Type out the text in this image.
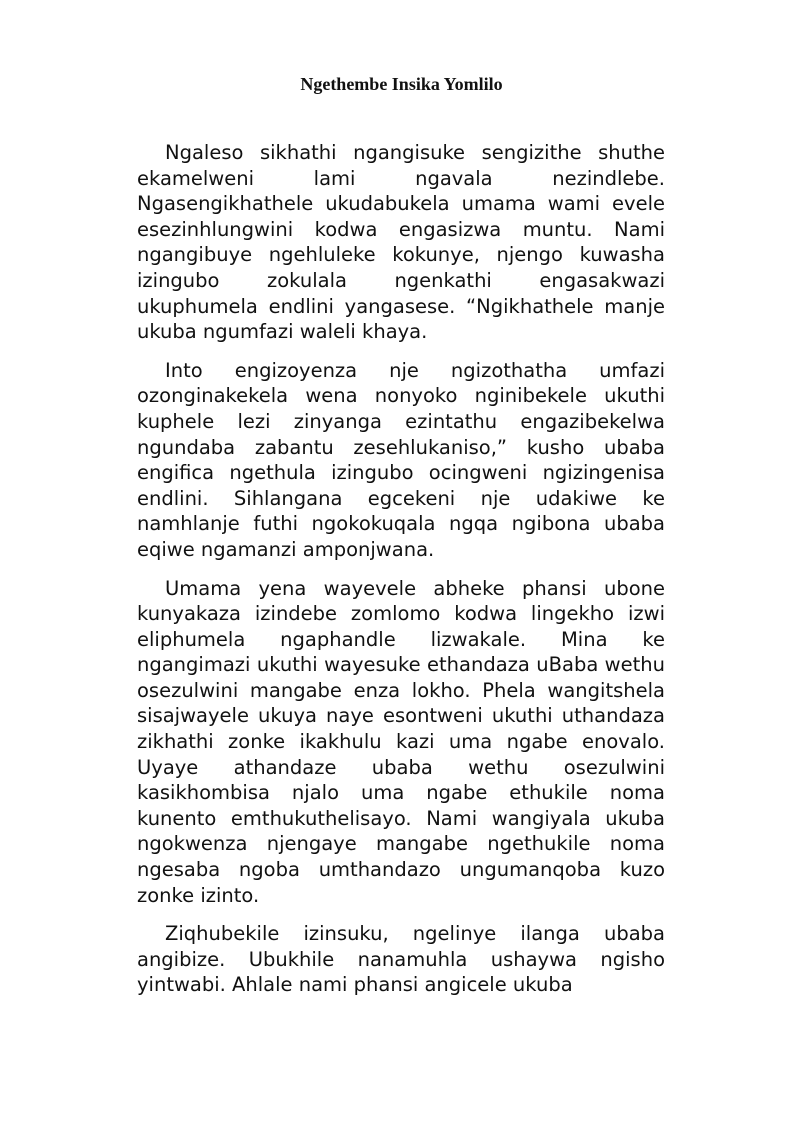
Ngethembe Insika Yomlilo

Ngaleso sikhathi ngangisuke sengizithe shuthe ekamelweni lami ngavala nezindlebe. Ngasengikhathele ukudabukela umama wami evele esezinhlungwini kodwa engasizwa muntu. Nami ngangibuye ngehluleke kokunye, njengo kuwasha izingubo zokulala ngenkathi engasakwazi ukuphumela endlini yangasese. “Ngikhathele manje ukuba ngumfazi waleli khaya.

Into engizoyenza nje ngizothatha umfazi ozonginakekela wena nonyoko nginibekele ukuthi kuphele lezi zinyanga ezintathu engazibekelwa ngundaba zabantu zesehlukaniso,” kusho ubaba engifica ngethula izingubo ocingweni ngizingenisa endlini. Sihlangana egcekeni nje udakiwe ke namhlanje futhi ngokokuqala ngqa ngibona ubaba eqiwe ngamanzi amponjwana.

Umama yena wayevele abheke phansi ubone kunyakaza izindebe zomlomo kodwa lingekho izwi eliphumela ngaphandle lizwakale. Mina ke ngangimazi ukuthi wayesuke ethandaza uBaba wethu osezulwini mangabe enza lokho. Phela wangitshela sisajwayele ukuya naye esontweni ukuthi uthandaza zikhathi zonke ikakhulu kazi uma ngabe enovalo. Uyaye athandaze ubaba wethu osezulwini kasikhombisa njalo uma ngabe ethukile noma kunento emthukuthelisayo. Nami wangiyala ukuba ngokwenza njengaye mangabe ngethukile noma ngesaba ngoba umthandazo ungumanqoba kuzo zonke izinto.

Ziqhubekile izinsuku, ngelinye ilanga ubaba angibize. Ubukhile nanamuhla ushaywa ngisho yintwabi. Ahlale nami phansi angicele ukuba
